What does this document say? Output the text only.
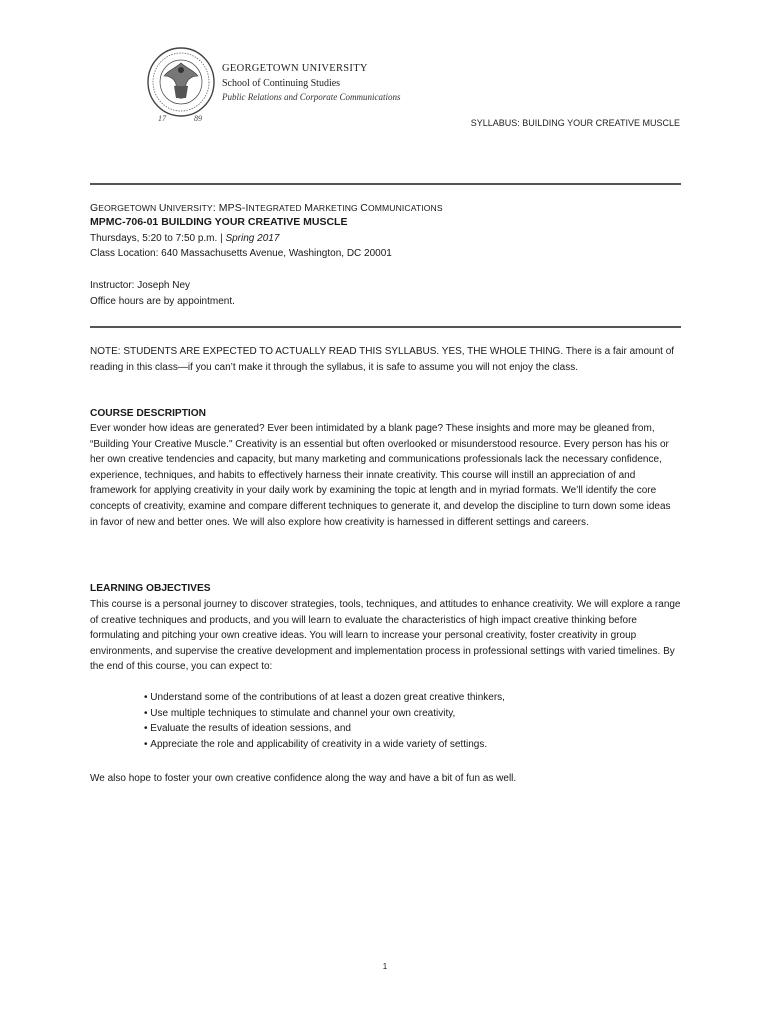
17	89
GEORGETOWN UNIVERSITY
School of Continuing Studies
Public Relations and Corporate Communications
SYLLABUS: BUILDING YOUR CREATIVE MUSCLE
GEORGETOWN UNIVERSITY: MPS-INTEGRATED MARKETING COMMUNICATIONS
MPMC-706-01 BUILDING YOUR CREATIVE MUSCLE
Thursdays, 5:20 to 7:50 p.m. | Spring 2017
Class Location: 640 Massachusetts Avenue, Washington, DC 20001
Instructor: Joseph Ney
Office hours are by appointment.
NOTE: STUDENTS ARE EXPECTED TO ACTUALLY READ THIS SYLLABUS. YES, THE WHOLE THING. There is a fair amount of reading in this class—if you can’t make it through the syllabus, it is safe to assume you will not enjoy the class.
COURSE DESCRIPTION
Ever wonder how ideas are generated? Ever been intimidated by a blank page? These insights and more may be gleaned from, “Building Your Creative Muscle." Creativity is an essential but often overlooked or misunderstood resource. Every person has his or her own creative tendencies and capacity, but many marketing and communications professionals lack the necessary confidence, experience, techniques, and habits to effectively harness their innate creativity. This course will instill an appreciation of and framework for applying creativity in your daily work by examining the topic at length and in myriad formats. We’ll identify the core concepts of creativity, examine and compare different techniques to generate it, and develop the discipline to turn down some ideas in favor of new and better ones. We will also explore how creativity is harnessed in different settings and careers.
LEARNING OBJECTIVES
This course is a personal journey to discover strategies, tools, techniques, and attitudes to enhance creativity. We will explore a range of creative techniques and products, and you will learn to evaluate the characteristics of high impact creative thinking before formulating and pitching your own creative ideas. You will learn to increase your personal creativity, foster creativity in group environments, and supervise the creative development and implementation process in professional settings with varied timelines. By the end of this course, you can expect to:
• Understand some of the contributions of at least a dozen great creative thinkers,
• Use multiple techniques to stimulate and channel your own creativity,
• Evaluate the results of ideation sessions, and
• Appreciate the role and applicability of creativity in a wide variety of settings.
We also hope to foster your own creative confidence along the way and have a bit of fun as well.
1
